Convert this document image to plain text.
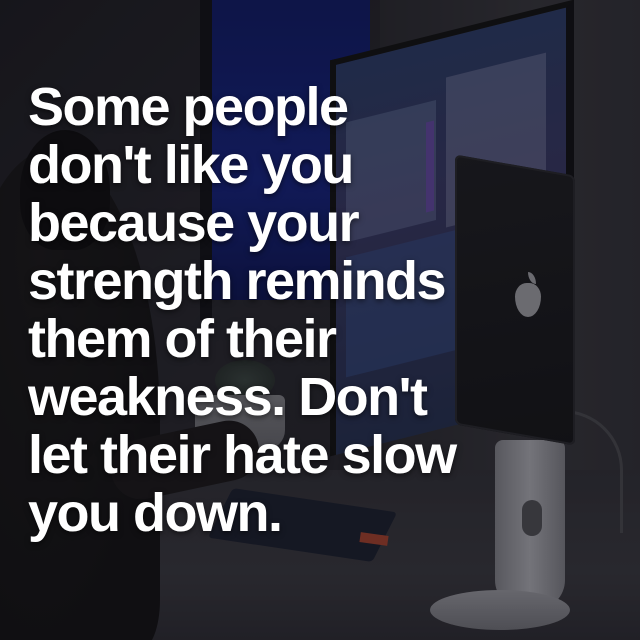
Some people
don't like you
because your
strength reminds
them of their
weakness. Don't
let their hate slow
you down.
